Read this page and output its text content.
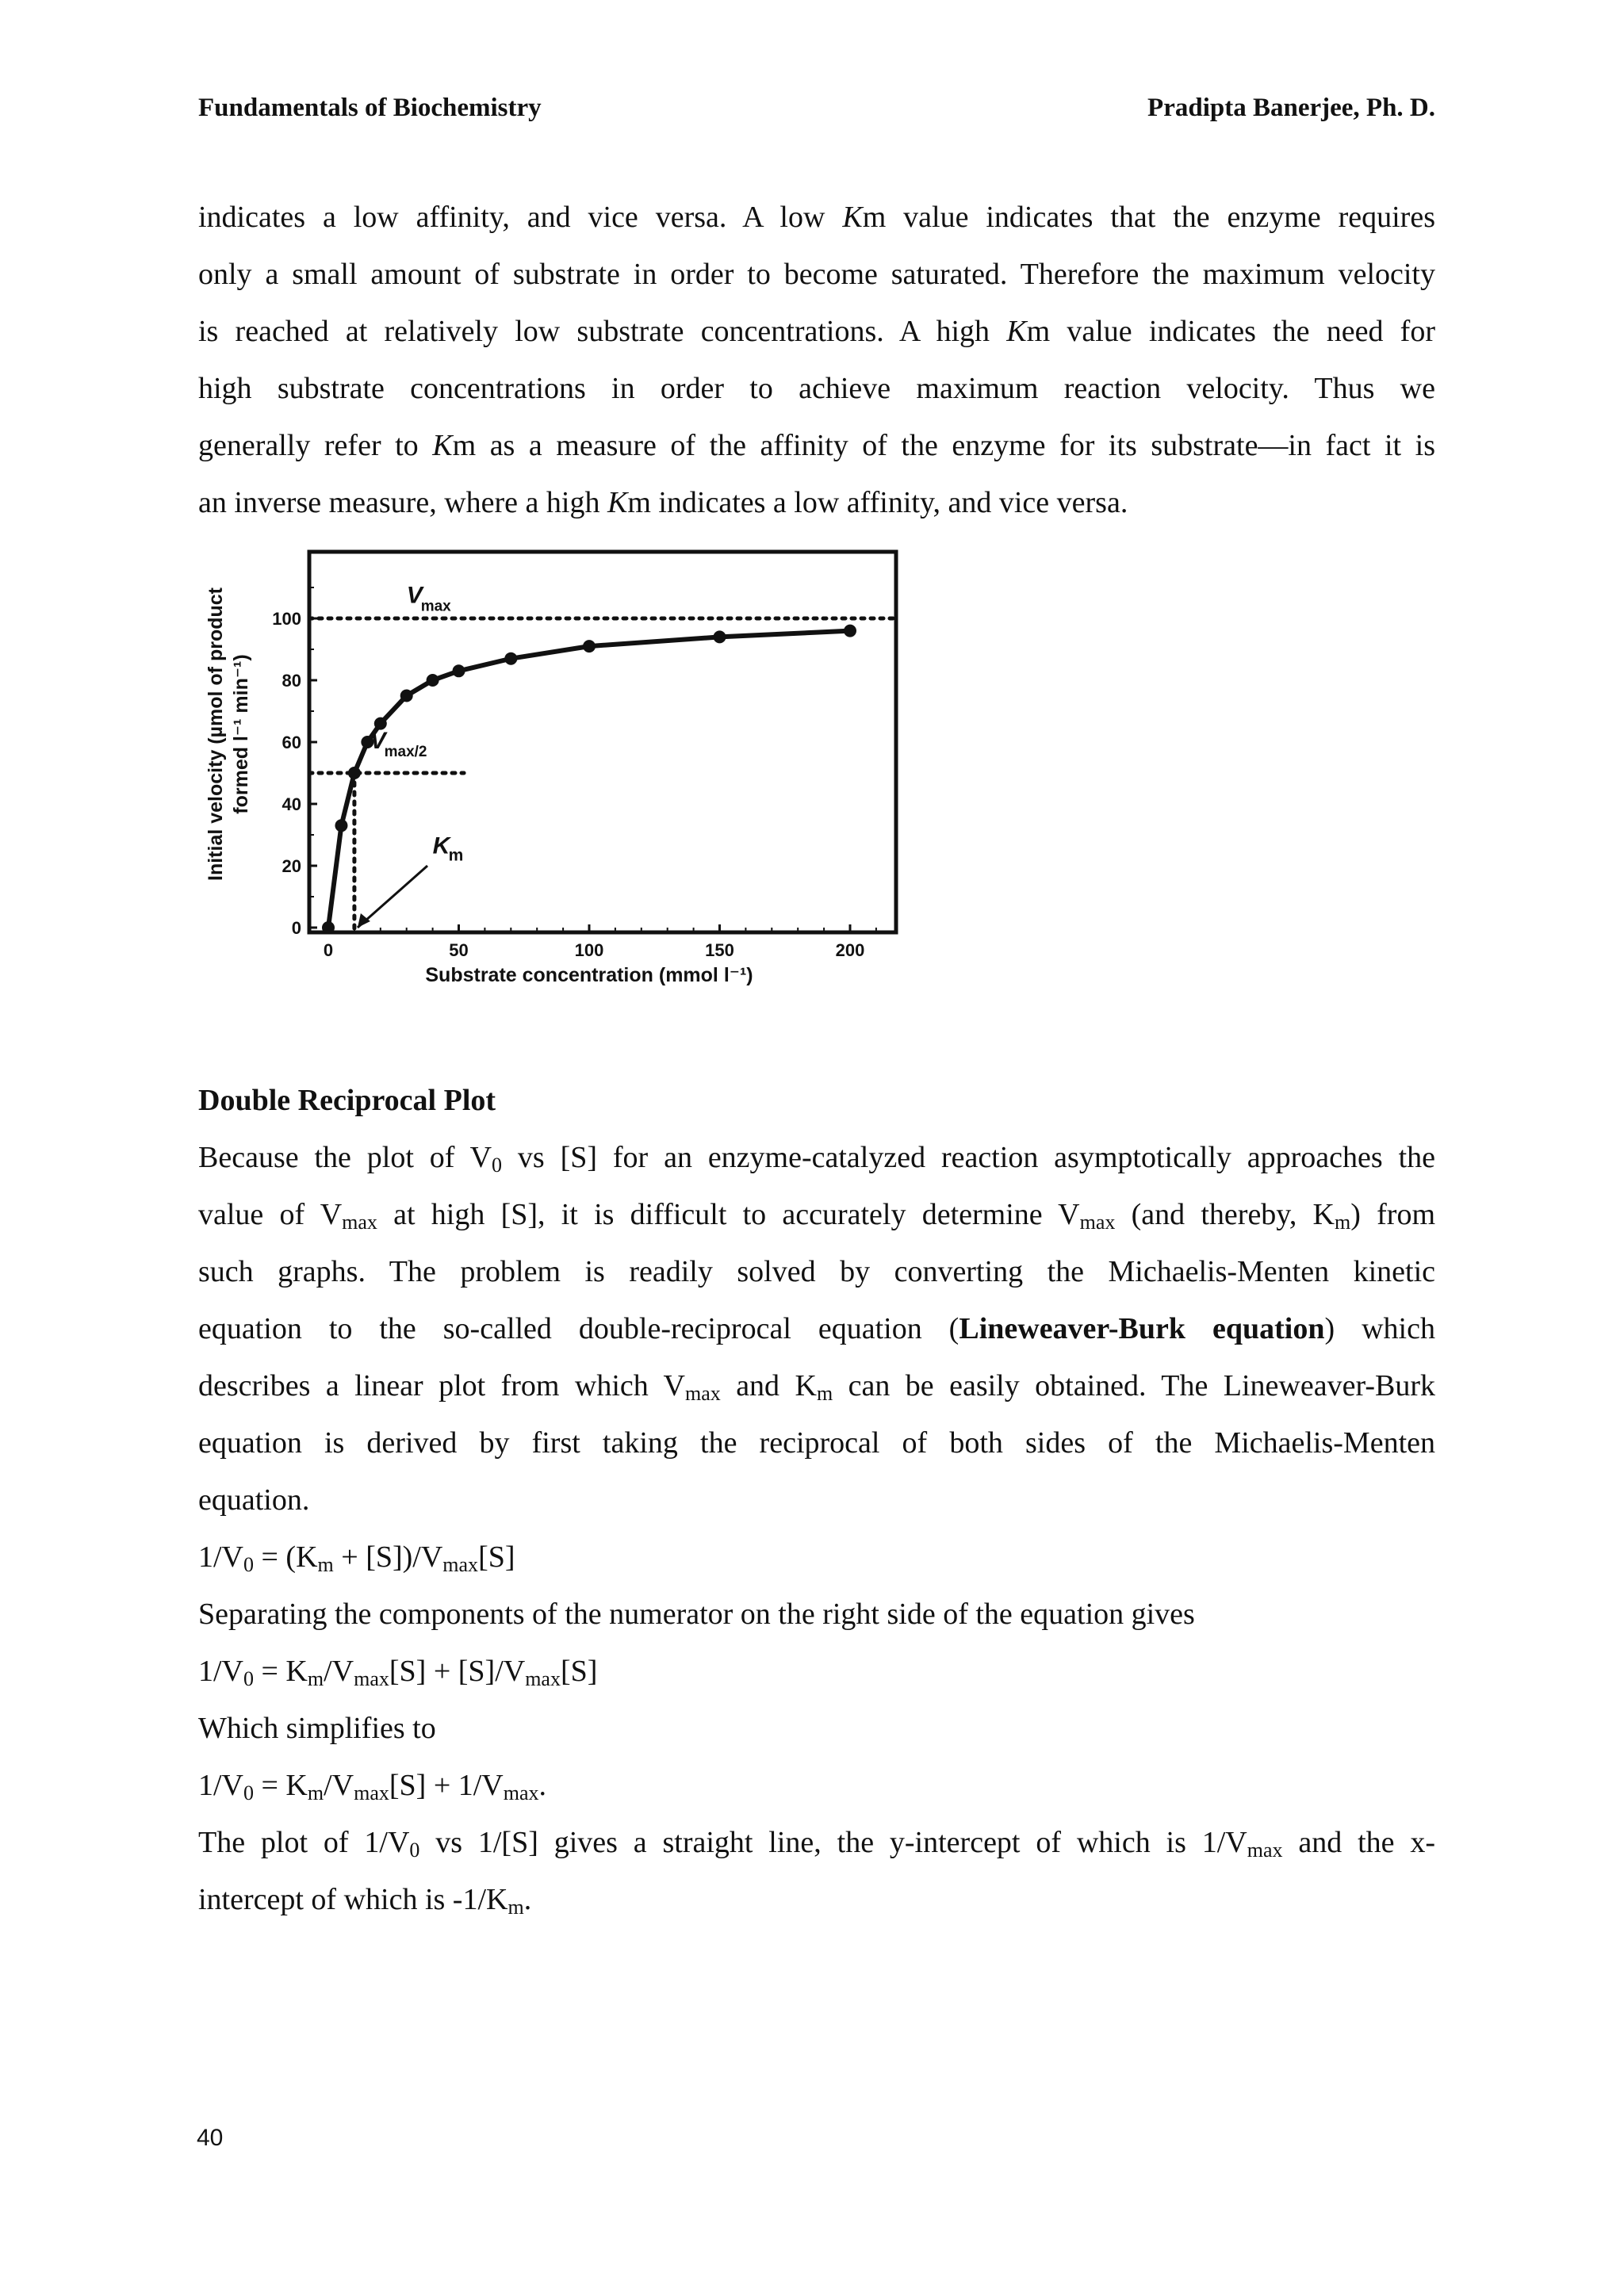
Fundamentals of Biochemistry	Pradipta Banerjee, Ph. D.
indicates a low affinity, and vice versa. A low Km value indicates that the enzyme requires
only a small amount of substrate in order to become saturated. Therefore the maximum velocity
is reached at relatively low substrate concentrations. A high Km value indicates the need for
high substrate concentrations in order to achieve maximum reaction velocity. Thus we
generally refer to Km as a measure of the affinity of the enzyme for its substrate—in fact it is
an inverse measure, where a high Km indicates a low affinity, and vice versa.
0	50	100	150	200
0
20
40
60
80
100
Substrate concentration (mmol l⁻¹)
Initial velocity (µmol of product formed l⁻¹ min⁻¹)
V
max
V
max/2
K
m
Double Reciprocal Plot
Because the plot of $V_0$ vs [S] for an enzyme-catalyzed reaction asymptotically approaches the
value of $V_{max}$ at high [S], it is difficult to accurately determine $V_{max}$ (and thereby, $K_m$) from
such graphs. The problem is readily solved by converting the Michaelis-Menten kinetic
equation to the so-called double-reciprocal equation (Lineweaver-Burk equation) which
describes a linear plot from which $V_{max}$ and $K_m$ can be easily obtained. The Lineweaver-Burk
equation is derived by first taking the reciprocal of both sides of the Michaelis-Menten
equation.
$1/V_0 = (K_m + [S])/V_{max}[S]$
Separating the components of the numerator on the right side of the equation gives
$1/V_0 = K_m/V_{max}[S] + [S]/V_{max}[S]$
Which simplifies to
$1/V_0 = K_m/V_{max}[S] + 1/V_{max}$.
The plot of $1/V_0$ vs 1/[S] gives a straight line, the y-intercept of which is $1/V_{max}$ and the x-
intercept of which is $-1/K_m$.
40
